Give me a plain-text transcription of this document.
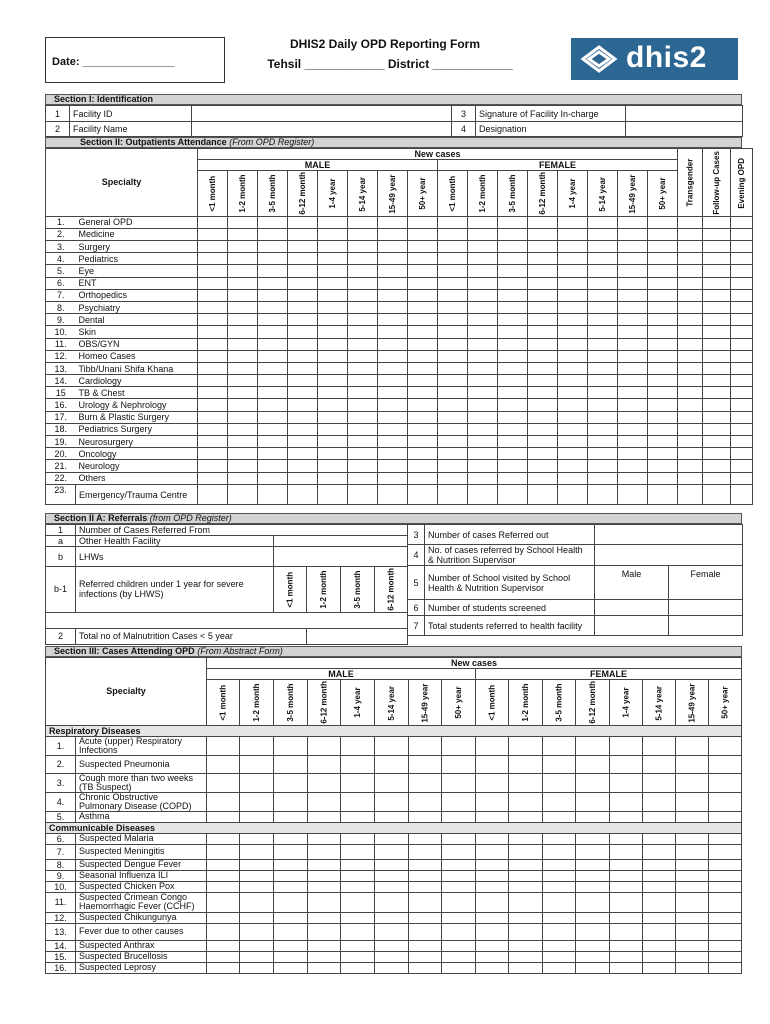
Date: _______________
DHIS2 Daily OPD Reporting Form
Tehsil ____________ District ____________	dhis2
Section I: Identification
1	Facility ID		3	Signature of Facility In-charge	
2	Facility Name		4	Designation	
Section II: Outpatients Attendance (From OPD Register)
Specialty		New cases																Transgender	Follow-up Cases	Evening OPD
		MALE								FEMALE										
		<1 month	1-2 month	3-5 month	6-12 month	1-4 year	5-14 year	15-49 year	50+ year	<1 month	1-2 month	3-5 month	6-12 month	1-4 year	5-14 year	15-49 year	50+ year			
1.	General OPD																			
2.	Medicine																			
3.	Surgery																			
4.	Pediatrics																			
5.	Eye																			
6.	ENT																			
7.	Orthopedics																			
8.	Psychiatry																			
9.	Dental																			
10.	Skin																			
11.	OBS/GYN																			
12.	Homeo Cases																			
13.	Tibb/Unani Shifa Khana																			
14.	Cardiology																			
15	TB & Chest																			
16.	Urology & Nephrology																			
17.	Burn & Plastic Surgery																			
18.	Pediatrics Surgery																			
19.	Neurosurgery																			
20.	Oncology																			
21.	Neurology																			
22.	Others																			
23.	Emergency/Trauma Centre																			
Section II A: Referrals (from OPD Register)
1	Number of Cases Referred From				
a	Other Health Facility				
b	LHWs				
b-1	Referred children under 1 year for severe infections (by LHWS)	<1 month	1-2 month	3-5 month	6-12 month

2	Total no of Malnutrition Cases < 5 year				
3	Number of cases Referred out		
4	No. of cases referred by School Health & Nutrition Supervisor		
5	Number of School visited by School Health & Nutrition Supervisor	Male	Female
6	Number of students screened		
7	Total students referred to health facility		
Section III: Cases Attending OPD (From Abstract Form)
Specialty		New cases															
		MALE								FEMALE							
		<1 month	1-2 month	3-5 month	6-12 month	1-4 year	5-14 year	15-49 year	50+ year	<1 month	1-2 month	3-5 month	6-12 month	1-4 year	5-14 year	15-49 year	50+ year
Respiratory Diseases																	
1.	Acute (upper) Respiratory Infections																
2.	Suspected Pneumonia																
3.	Cough more than two weeks (TB Suspect)																
4.	Chronic Obstructive Pulmonary Disease (COPD)																
5.	Asthma																
Communicable Diseases																	
6.	Suspected Malaria																
7.	Suspected Meningitis																
8.	Suspected Dengue Fever																
9.	Seasonal Influenza ILI																
10.	Suspected Chicken Pox																
11.	Suspected Crimean Congo Haemorrhagic Fever (CCHF)																
12.	Suspected Chikungunya																
13.	Fever due to other causes																
14.	Suspected Anthrax																
15.	Suspected Brucellosis																
16.	Suspected Leprosy																
